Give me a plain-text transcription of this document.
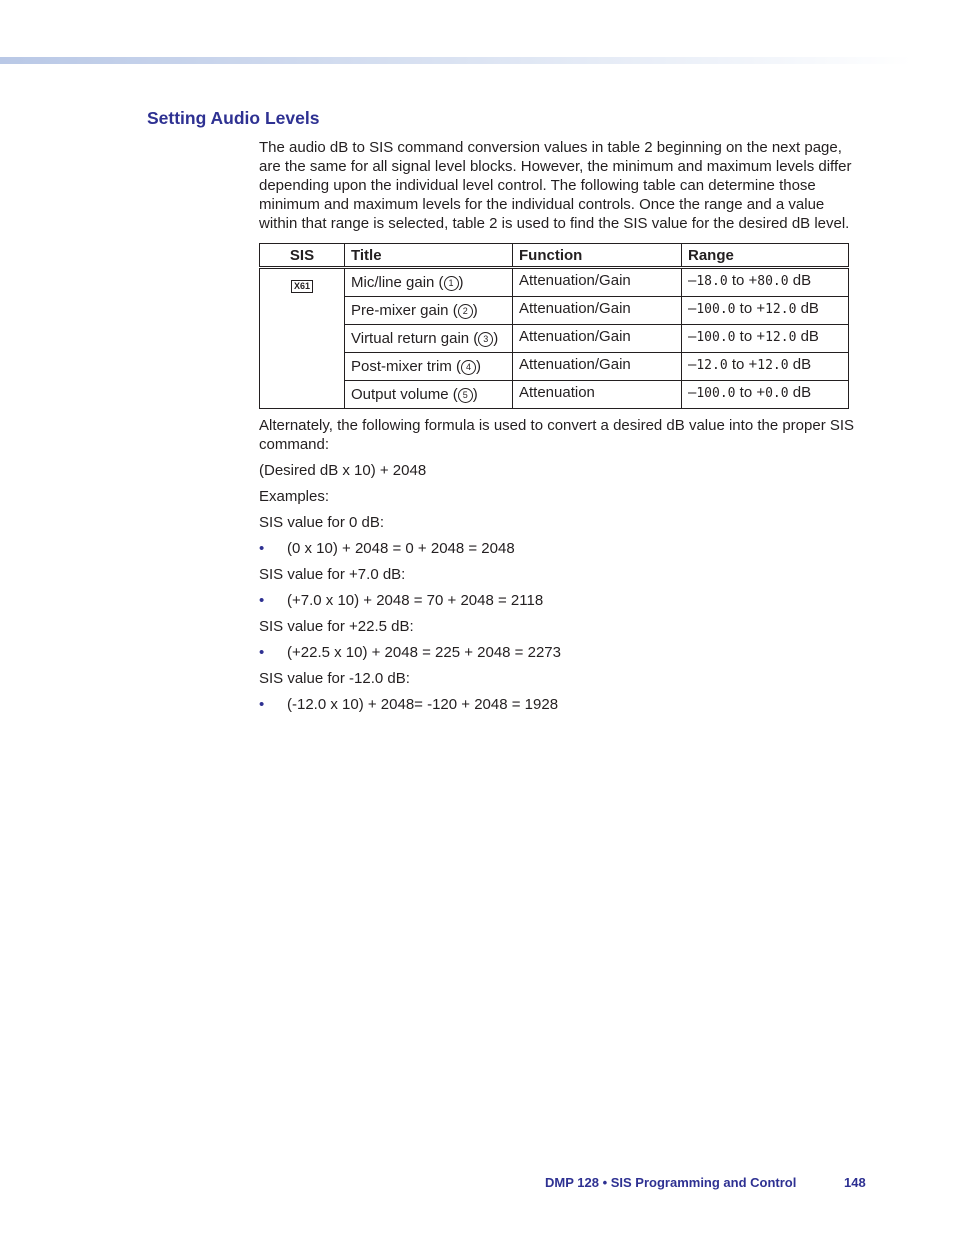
Setting Audio Levels

The audio dB to SIS command conversion values in table 2 beginning on the next page, are the same for all signal level blocks. However, the minimum and maximum levels differ depending upon the individual level control. The following table can determine those minimum and maximum levels for the individual controls. Once the range and a value within that range is selected, table 2 is used to find the SIS value for the desired dB level.

SIS	Title	Function	Range
X61	Mic/line gain ( 1 )	Attenuation/Gain	–18.0 to +80.0 dB
	Pre-mixer gain ( 2 )	Attenuation/Gain	–100.0 to +12.0 dB
	Virtual return gain ( 3 )	Attenuation/Gain	–100.0 to +12.0 dB
	Post-mixer trim ( 4 )	Attenuation/Gain	–12.0 to +12.0 dB
	Output volume ( 5 )	Attenuation	–100.0 to +0.0 dB

Alternately, the following formula is used to convert a desired dB value into the proper SIS command:

(Desired dB x 10) + 2048

Examples:

SIS value for 0 dB:

• (0 x 10) + 2048 = 0 + 2048 = 2048

SIS value for +7.0 dB:

• (+7.0 x 10) + 2048 = 70 + 2048 = 2118

SIS value for +22.5 dB:

• (+22.5 x 10) + 2048 = 225 + 2048 = 2273

SIS value for -12.0 dB:

• (-12.0 x 10) + 2048= -120 + 2048 = 1928
DMP 128 • SIS Programming and Control	148
